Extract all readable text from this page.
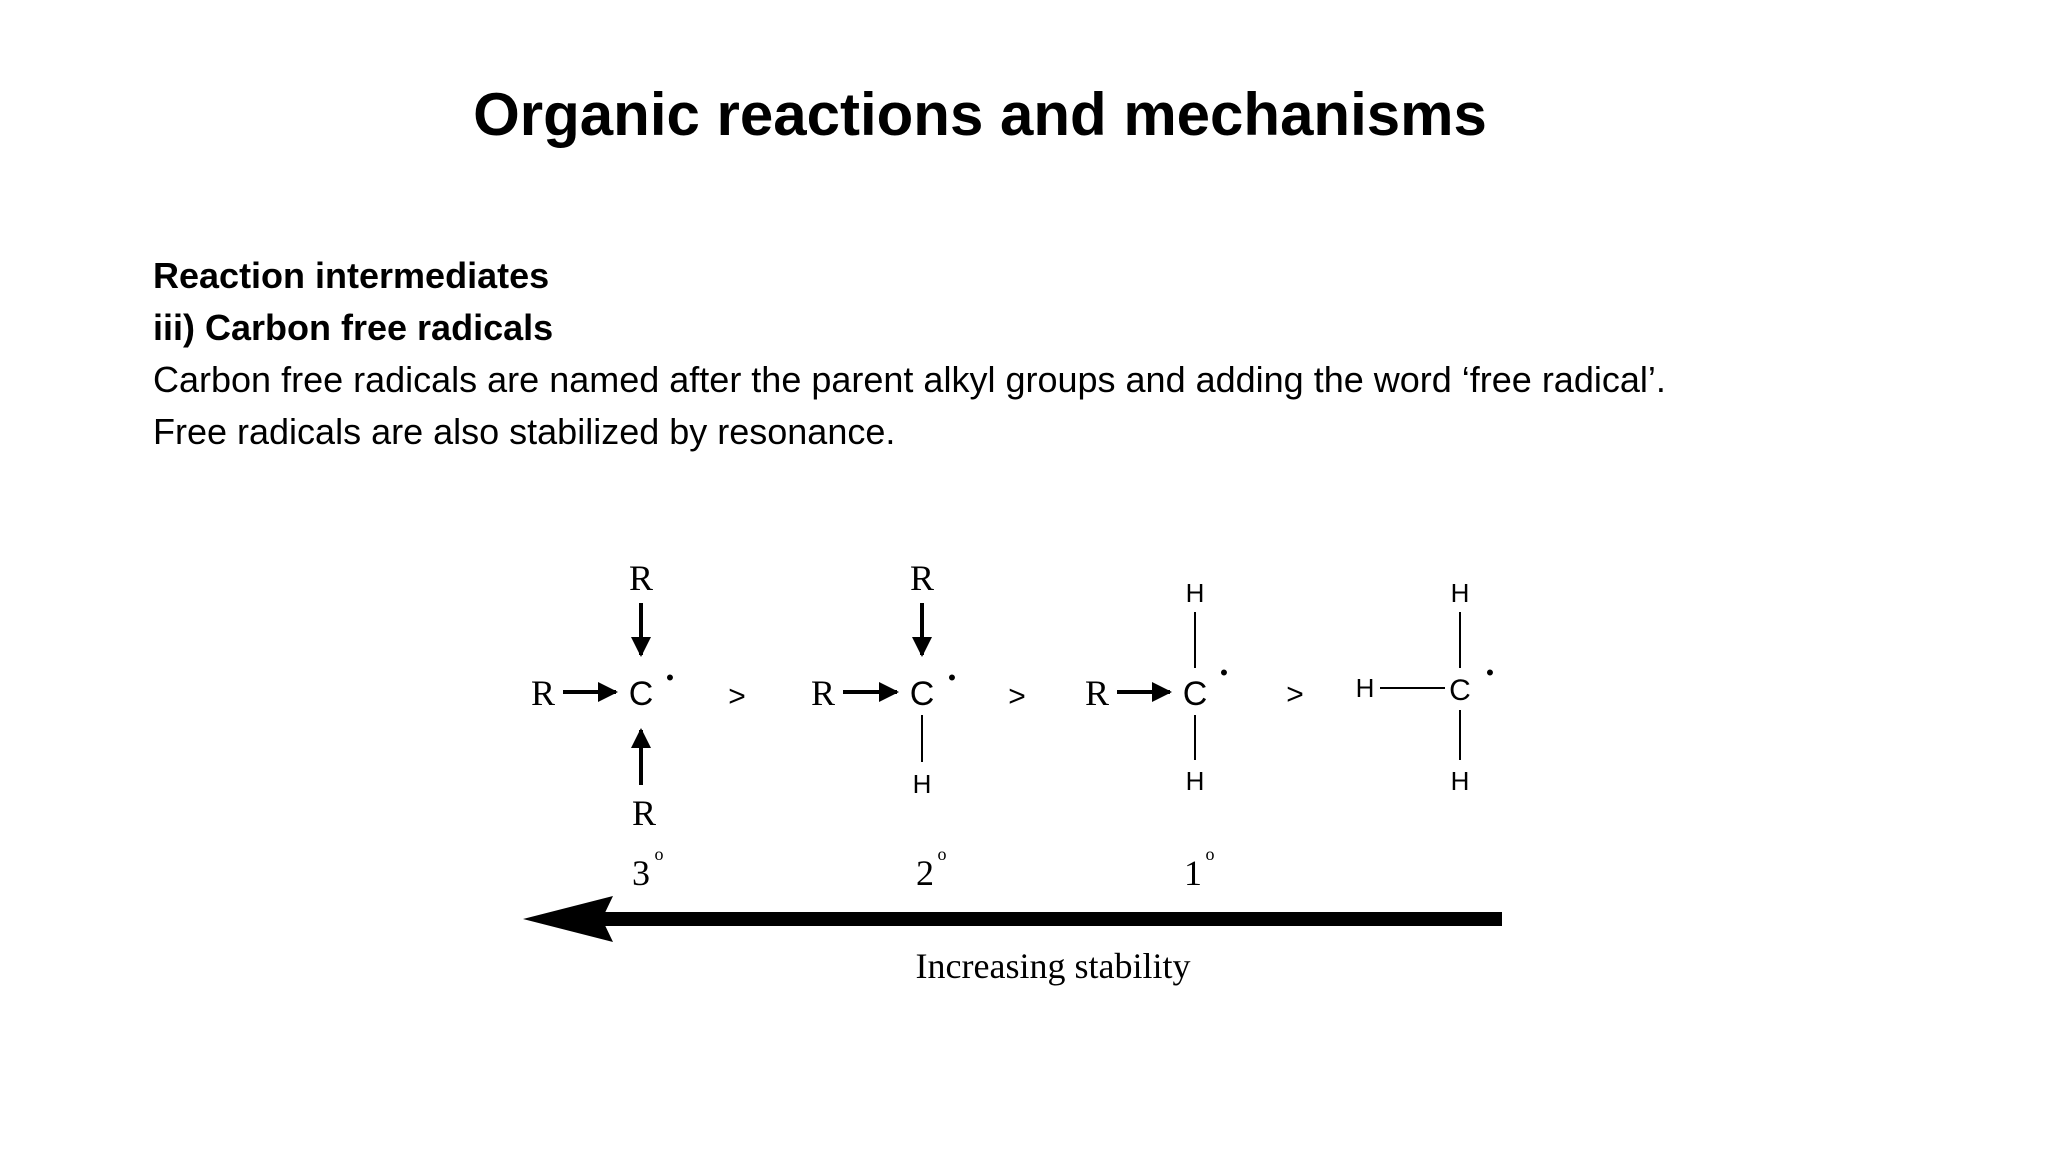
Organic reactions and mechanisms
Reaction intermediates
iii) Carbon free radicals
Carbon free radicals are named after the parent alkyl groups and adding the word ‘free radical’.
Free radicals are also stabilized by resonance.
R
R C •
R
3 o
>
R
R C •
H
2 o
>
H
R C
•
H
1 o
>
H
H C
•
H
Increasing stability
